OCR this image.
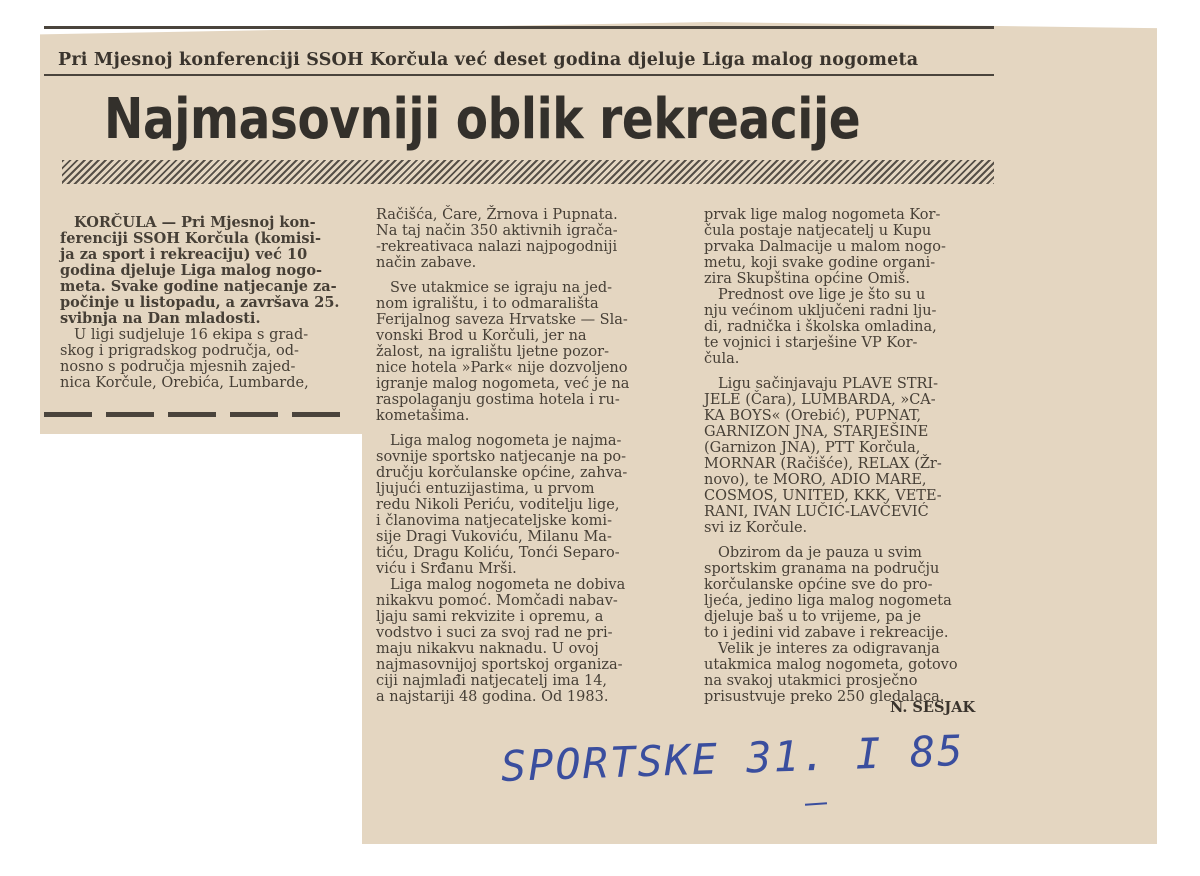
Pri Mjesnoj konferenciji SSOH Korčula već deset godina djeluje Liga malog nogometa
Najmasovniji oblik rekreacije

KORČULA — Pri Mjesnoj kon-

ferenciji SSOH Korčula (komisi-

ja za sport i rekreaciju) već 10

godina djeluje Liga malog nogo-

meta. Svake godine natjecanje za-

počinje u listopadu, a završava 25.

svibnja na Dan mladosti.

U ligi sudjeluje 16 ekipa s grad-

skog i prigradskog područja, od-

nosno s područja mjesnih zajed-

nica Korčule, Orebića, Lumbarde,

Račišća, Čare, Žrnova i Pupnata.

Na taj način 350 aktivnih igrača-

-rekreativaca nalazi najpogodniji

način zabave.

Sve utakmice se igraju na jed-

nom igralištu, i to odmarališta

Ferijalnog saveza Hrvatske — Sla-

vonski Brod u Korčuli, jer na

žalost, na igralištu ljetne pozor-

nice hotela »Park« nije dozvoljeno

igranje malog nogometa, već je na

raspolaganju gostima hotela i ru-

kometašima.

Liga malog nogometa je najma-

sovnije sportsko natjecanje na po-

dručju korčulanske općine, zahva-

ljujući entuzijastima, u prvom

redu Nikoli Periću, voditelju lige,

i članovima natjecateljske komi-

sije Dragi Vukoviću, Milanu Ma-

tiću, Dragu Koliću, Tonći Separo-

viću i Srđanu Mrši.

Liga malog nogometa ne dobiva

nikakvu pomoć. Momčadi nabav-

ljaju sami rekvizite i opremu, a

vodstvo i suci za svoj rad ne pri-

maju nikakvu naknadu. U ovoj

najmasovnijoj sportskoj organiza-

ciji najmlađi natjecatelj ima 14,

a najstariji 48 godina. Od 1983.

prvak lige malog nogometa Kor-

čula postaje natjecatelj u Kupu

prvaka Dalmacije u malom nogo-

metu, koji svake godine organi-

zira Skupština općine Omiš.

Prednost ove lige je što su u

nju većinom uključeni radni lju-

di, radnička i školska omladina,

te vojnici i starješine VP Kor-

čula.

Ligu sačinjavaju PLAVE STRI-

JELE (Čara), LUMBARDA, »CA-

KA BOYS« (Orebić), PUPNAT,

GARNIZON JNA, STARJEŠINE

(Garnizon JNA), PTT Korčula,

MORNAR (Račišće), RELAX (Žr-

novo), te MORO, ADIO MARE,

COSMOS, UNITED, KKK, VETE-

RANI, IVAN LUČIĆ-LAVČEVIĆ

svi iz Korčule.

Obzirom da je pauza u svim

sportskim granama na području

korčulanske općine sve do pro-

ljeća, jedino liga malog nogometa

djeluje baš u to vrijeme, pa je

to i jedini vid zabave i rekreacije.

Velik je interes za odigravanja

utakmica malog nogometa, gotovo

na svakoj utakmici prosječno

prisustvuje preko 250 gledalaca.

N. SESJAK
SPORTSKE 31. I 85
